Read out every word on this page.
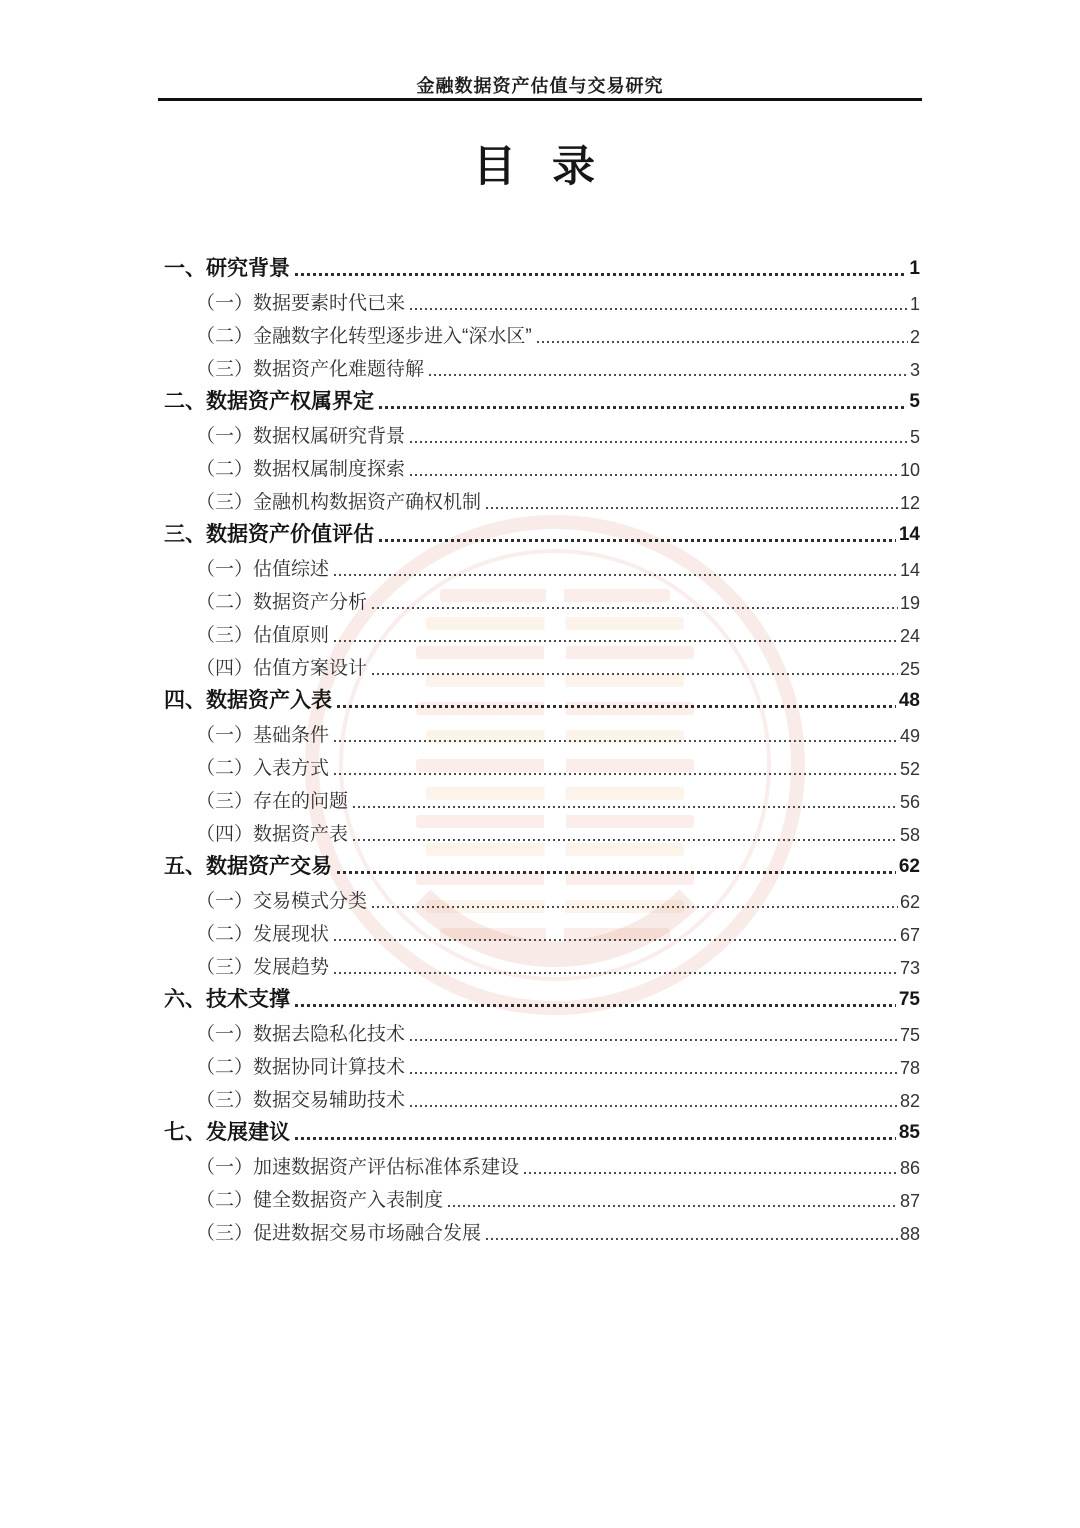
金融数据资产估值与交易研究
目 录
一、研究背景	1
（一）数据要素时代已来	1
（二）金融数字化转型逐步进入“深水区”	2
（三）数据资产化难题待解	3
二、数据资产权属界定	5
（一）数据权属研究背景	5
（二）数据权属制度探索	10
（三）金融机构数据资产确权机制	12
三、数据资产价值评估	14
（一）估值综述	14
（二）数据资产分析	19
（三）估值原则	24
（四）估值方案设计	25
四、数据资产入表	48
（一）基础条件	49
（二）入表方式	52
（三）存在的问题	56
（四）数据资产表	58
五、数据资产交易	62
（一）交易模式分类	62
（二）发展现状	67
（三）发展趋势	73
六、技术支撑	75
（一）数据去隐私化技术	75
（二）数据协同计算技术	78
（三）数据交易辅助技术	82
七、发展建议	85
（一）加速数据资产评估标准体系建设	86
（二）健全数据资产入表制度	87
（三）促进数据交易市场融合发展	88
